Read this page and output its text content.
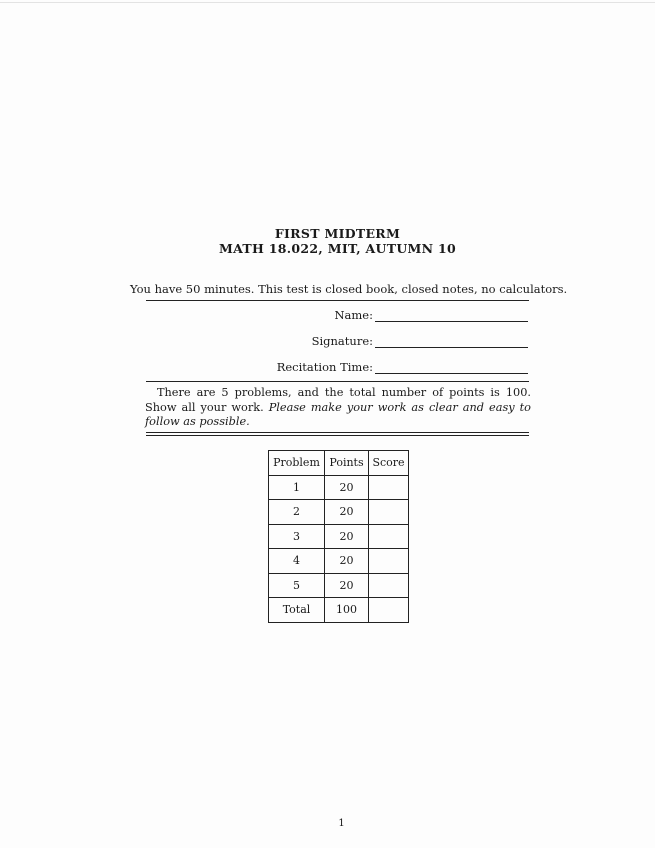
FIRST MIDTERM
MATH 18.022, MIT, AUTUMN 10
You have 50 minutes. This test is closed book, closed notes, no calculators.
Name:
Signature:
Recitation Time:
There are 5 problems, and the total number of points is 100. Show all your work. Please make your work as clear and easy to follow as possible.
Problem	Points	Score
1	20	
2	20	
3	20	
4	20	
5	20	
Total	100	
1
